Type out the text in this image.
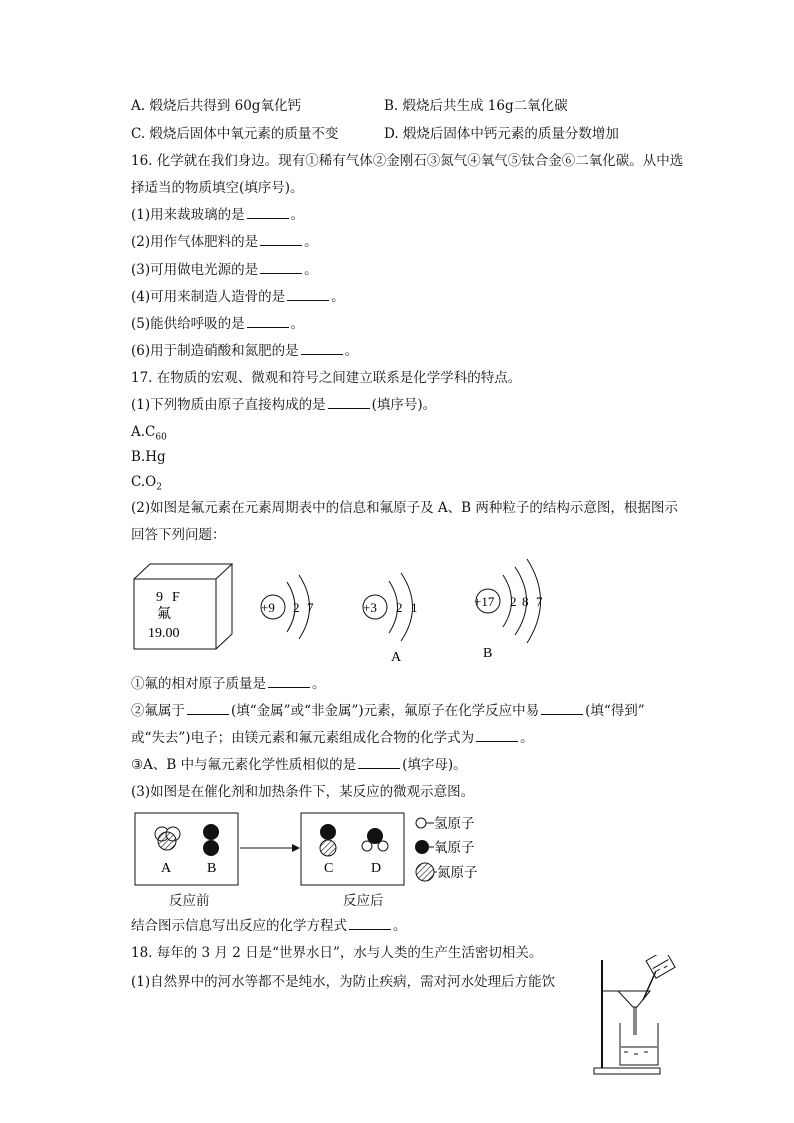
A. 煅烧后共得到 60g氧化钙	B. 煅烧后共生成 16g二氧化碳
C. 煅烧后固体中氧元素的质量不变	D. 煅烧后固体中钙元素的质量分数增加
16. 化学就在我们身边。现有①稀有气体②金刚石③氮气④氧气⑤钛合金⑥二氧化碳。从中选
择适当的物质填空(填序号)。
(1)用来裁玻璃的是	。
(2)用作气体肥料的是	。
(3)可用做电光源的是	。
(4)可用来制造人造骨的是	。
(5)能供给呼吸的是	。
(6)用于制造硝酸和氮肥的是	。
17. 在物质的宏观、微观和符号之间建立联系是化学学科的特点。
(1)下列物质由原子直接构成的是	(填序号)。
$A.C_{60}$
B.Hg
$C.O_2$
(2)如图是氟元素在元素周期表中的信息和氟原子及 A、B 两种粒子的结构示意图，根据图示
回答下列问题：
9 F
氟
19.00
+9 2 7	+3 2 1
A
+17 2 8 7
B
①氟的相对原子质量是	。
②氟属于	(填“金属”或“非金属”)元素，氟原子在化学反应中易	(填“得到”
或“失去”)电子；由镁元素和氟元素组成化合物的化学式为	。
③A、B 中与氟元素化学性质相似的是	(填字母)。
(3)如图是在催化剂和加热条件下，某反应的微观示意图。
A	B	C	D
氢原子
氧原子
氮原子
反应前	反应后
结合图示信息写出反应的化学方程式	。
18. 每年的 3 月 2 日是“世界水日”，水与人类的生产生活密切相关。
(1)自然界中的河水等都不是纯水，为防止疾病，需对河水处理后方能饮
